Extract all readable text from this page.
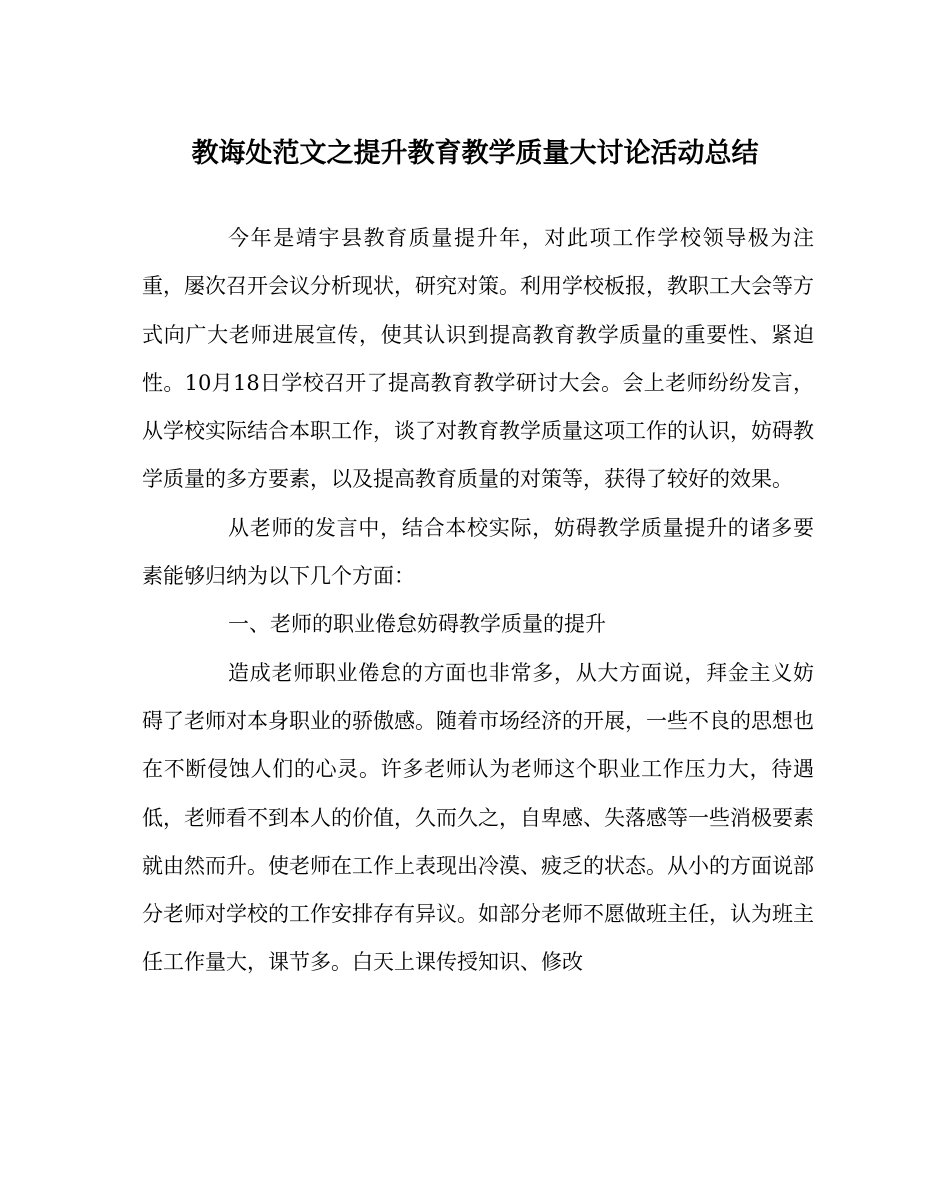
教诲处范文之提升教育教学质量大讨论活动总结

今年是靖宇县教育质量提升年，对此项工作学校领导极为注重，屡次召开会议分析现状，研究对策。利用学校板报，教职工大会等方式向广大老师进展宣传，使其认识到提高教育教学质量的重要性、紧迫性。10月18日学校召开了提高教育教学研讨大会。会上老师纷纷发言，从学校实际结合本职工作，谈了对教育教学质量这项工作的认识，妨碍教学质量的多方要素，以及提高教育质量的对策等，获得了较好的效果。

从老师的发言中，结合本校实际，妨碍教学质量提升的诸多要素能够归纳为以下几个方面：

一、老师的职业倦怠妨碍教学质量的提升

造成老师职业倦怠的方面也非常多，从大方面说，拜金主义妨碍了老师对本身职业的骄傲感。随着市场经济的开展，一些不良的思想也在不断侵蚀人们的心灵。许多老师认为老师这个职业工作压力大，待遇低，老师看不到本人的价值，久而久之，自卑感、失落感等一些消极要素就由然而升。使老师在工作上表现出冷漠、疲乏的状态。从小的方面说部分老师对学校的工作安排存有异议。如部分老师不愿做班主任，认为班主任工作量大，课节多。白天上课传授知识、修改
